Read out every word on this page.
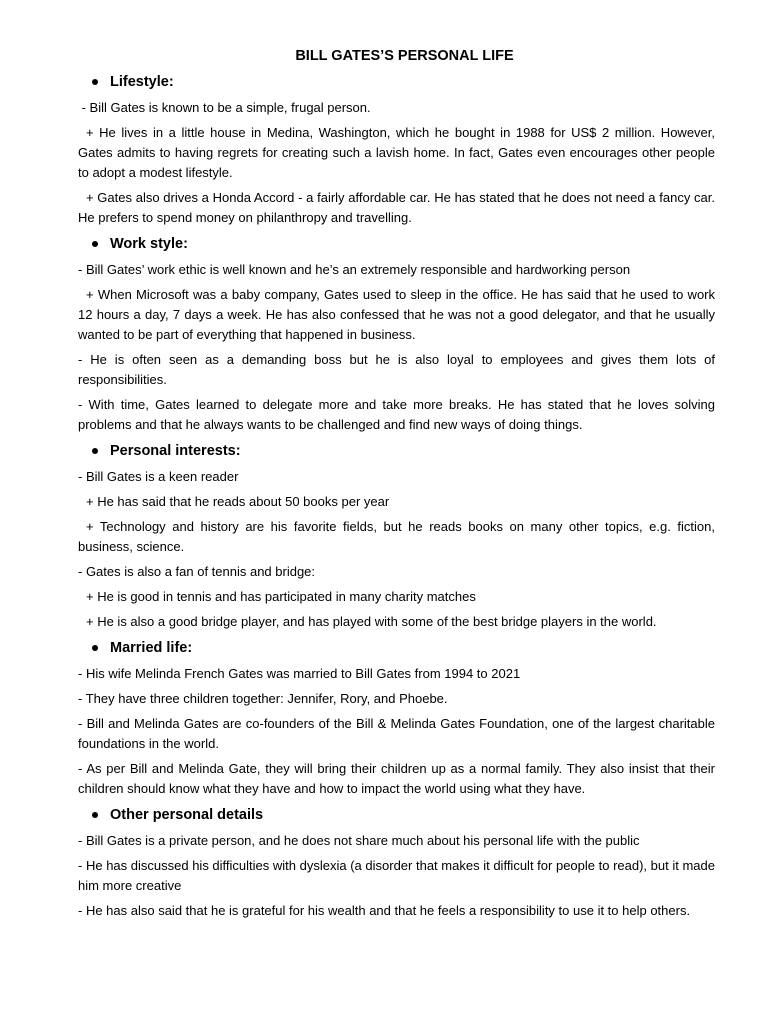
BILL GATES’S PERSONAL LIFE
Lifestyle:

- Bill Gates is known to be a simple, frugal person.

+ He lives in a little house in Medina, Washington, which he bought in 1988 for US$ 2 million. However, Gates admits to having regrets for creating such a lavish home. In fact, Gates even encourages other people to adopt a modest lifestyle.

+ Gates also drives a Honda Accord - a fairly affordable car. He has stated that he does not need a fancy car. He prefers to spend money on philanthropy and travelling.

Work style:

- Bill Gates’ work ethic is well known and he’s an extremely responsible and hardworking person

+ When Microsoft was a baby company, Gates used to sleep in the office. He has said that he used to work 12 hours a day, 7 days a week. He has also confessed that he was not a good delegator, and that he usually wanted to be part of everything that happened in business.

- He is often seen as a demanding boss but he is also loyal to employees and gives them lots of responsibilities.

- With time, Gates learned to delegate more and take more breaks. He has stated that he loves solving problems and that he always wants to be challenged and find new ways of doing things.

Personal interests:

- Bill Gates is a keen reader

+ He has said that he reads about 50 books per year

+ Technology and history are his favorite fields, but he reads books on many other topics, e.g. fiction, business, science.

- Gates is also a fan of tennis and bridge:

+ He is good in tennis and has participated in many charity matches

+ He is also a good bridge player, and has played with some of the best bridge players in the world.

Married life:

- His wife Melinda French Gates was married to Bill Gates from 1994 to 2021

- They have three children together: Jennifer, Rory, and Phoebe.

- Bill and Melinda Gates are co-founders of the Bill & Melinda Gates Foundation, one of the largest charitable foundations in the world.

- As per Bill and Melinda Gate, they will bring their children up as a normal family. They also insist that their children should know what they have and how to impact the world using what they have.

Other personal details

- Bill Gates is a private person, and he does not share much about his personal life with the public

- He has discussed his difficulties with dyslexia (a disorder that makes it difficult for people to read), but it made him more creative

- He has also said that he is grateful for his wealth and that he feels a responsibility to use it to help others.
